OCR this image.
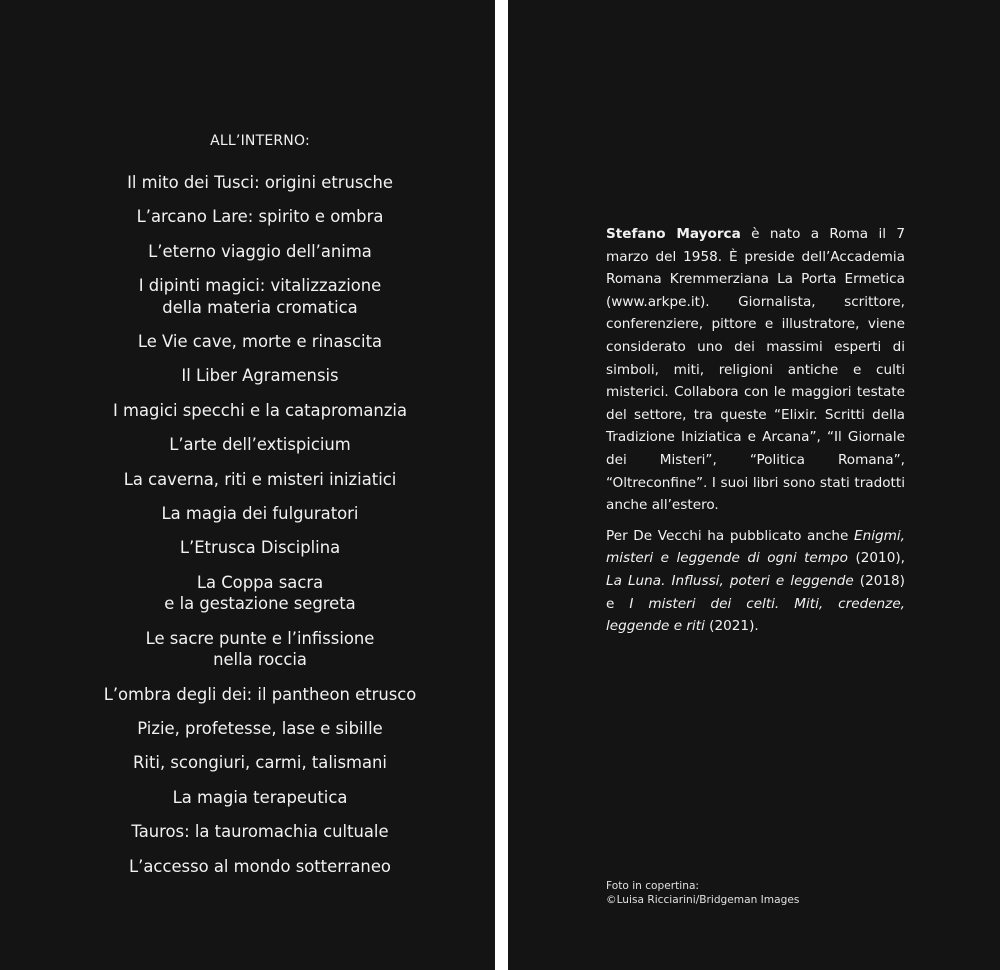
ALL’INTERNO:
Il mito dei Tusci: origini etrusche
L’arcano Lare: spirito e ombra
L’eterno viaggio dell’anima
I dipinti magici: vitalizzazione
della materia cromatica
Le Vie cave, morte e rinascita
Il Liber Agramensis
I magici specchi e la catapromanzia
L’arte dell’extispicium
La caverna, riti e misteri iniziatici
La magia dei fulguratori
L’Etrusca Disciplina
La Coppa sacra
e la gestazione segreta
Le sacre punte e l’infissione
nella roccia
L’ombra degli dei: il pantheon etrusco
Pizie, profetesse, lase e sibille
Riti, scongiuri, carmi, talismani
La magia terapeutica
Tauros: la tauromachia cultuale
L’accesso al mondo sotterraneo

Stefano Mayorca è nato a Roma il 7 marzo del 1958. È preside dell’Accademia Romana Kremmerziana La Porta Ermetica (www.arkpe.it). Giornalista, scrittore, conferenziere, pittore e illustratore, viene considerato uno dei massimi esperti di simboli, miti, religioni antiche e culti misterici. Collabora con le maggiori testate del settore, tra queste “Elixir. Scritti della Tradizione Iniziatica e Arcana”, “Il Giornale dei Misteri”, “Politica Romana”, “Oltreconfine”. I suoi libri sono stati tradotti anche all’estero.

Per De Vecchi ha pubblicato anche Enigmi, misteri e leggende di ogni tempo (2010), La Luna. Influssi, poteri e leggende (2018) e I misteri dei celti. Miti, credenze, leggende e riti (2021).

Foto in copertina:
©Luisa Ricciarini/Bridgeman Images
